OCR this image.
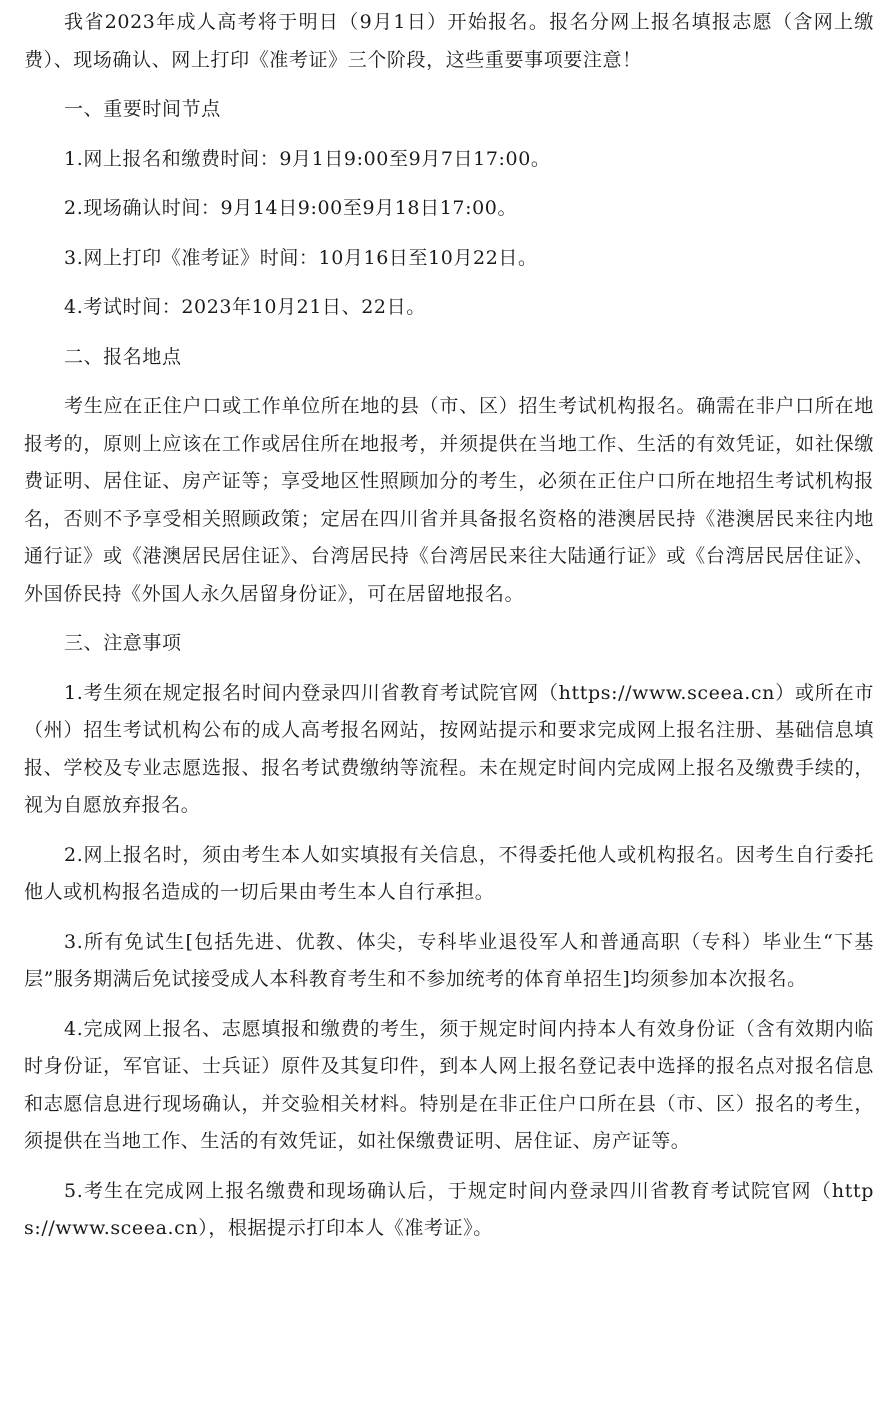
我省2023年成人高考将于明日（9月1日）开始报名。报名分网上报名填报志愿（含网上缴费）、现场确认、网上打印《准考证》三个阶段，这些重要事项要注意！

一、重要时间节点

1.网上报名和缴费时间：9月1日9:00至9月7日17:00。

2.现场确认时间：9月14日9:00至9月18日17:00。

3.网上打印《准考证》时间：10月16日至10月22日。

4.考试时间：2023年10月21日、22日。

二、报名地点

考生应在正住户口或工作单位所在地的县（市、区）招生考试机构报名。确需在非户口所在地报考的，原则上应该在工作或居住所在地报考，并须提供在当地工作、生活的有效凭证，如社保缴费证明、居住证、房产证等；享受地区性照顾加分的考生，必须在正住户口所在地招生考试机构报名，否则不予享受相关照顾政策；定居在四川省并具备报名资格的港澳居民持《港澳居民来往内地通行证》或《港澳居民居住证》、台湾居民持《台湾居民来往大陆通行证》或《台湾居民居住证》、外国侨民持《外国人永久居留身份证》，可在居留地报名。

三、注意事项

1.考生须在规定报名时间内登录四川省教育考试院官网（https://www.sceea.cn）或所在市（州）招生考试机构公布的成人高考报名网站，按网站提示和要求完成网上报名注册、基础信息填报、学校及专业志愿选报、报名考试费缴纳等流程。未在规定时间内完成网上报名及缴费手续的，视为自愿放弃报名。

2.网上报名时，须由考生本人如实填报有关信息，不得委托他人或机构报名。因考生自行委托他人或机构报名造成的一切后果由考生本人自行承担。

3.所有免试生[包括先进、优教、体尖，专科毕业退役军人和普通高职（专科）毕业生“下基层”服务期满后免试接受成人本科教育考生和不参加统考的体育单招生]均须参加本次报名。

4.完成网上报名、志愿填报和缴费的考生，须于规定时间内持本人有效身份证（含有效期内临时身份证，军官证、士兵证）原件及其复印件，到本人网上报名登记表中选择的报名点对报名信息和志愿信息进行现场确认，并交验相关材料。特别是在非正住户口所在县（市、区）报名的考生，须提供在当地工作、生活的有效凭证，如社保缴费证明、居住证、房产证等。

5.考生在完成网上报名缴费和现场确认后，于规定时间内登录四川省教育考试院官网（https://www.sceea.cn），根据提示打印本人《准考证》。
